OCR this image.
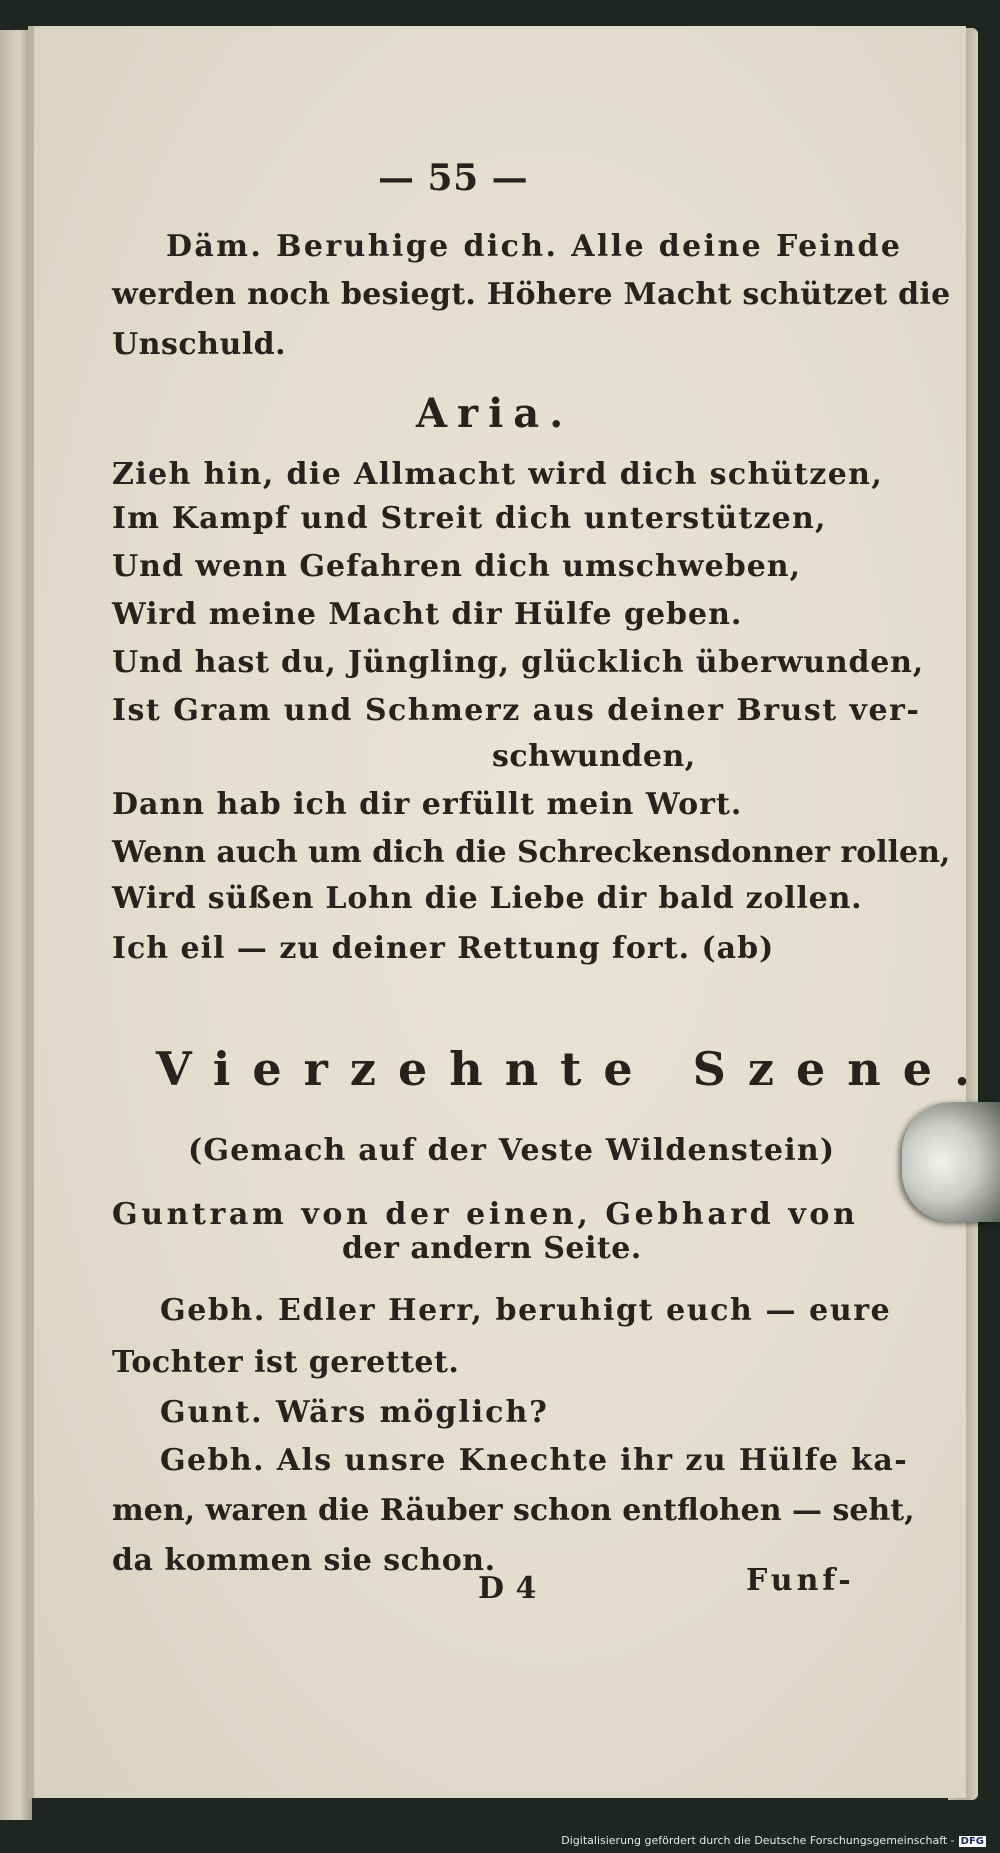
— 55 —
Däm. Beruhige dich. Alle deine Feinde
werden noch besiegt. Höhere Macht schützet die
Unschuld.
Aria.
Zieh hin, die Allmacht wird dich schützen,
Im Kampf und Streit dich unterstützen,
Und wenn Gefahren dich umschweben,
Wird meine Macht dir Hülfe geben.
Und hast du, Jüngling, glücklich überwunden,
Ist Gram und Schmerz aus deiner Brust ver-
schwunden,
Dann hab ich dir erfüllt mein Wort.
Wenn auch um dich die Schreckensdonner rollen,
Wird süßen Lohn die Liebe dir bald zollen.
Ich eil — zu deiner Rettung fort. (ab)
Vierzehnte Szene.
(Gemach auf der Veste Wildenstein)
Guntram von der einen, Gebhard von
der andern Seite.
Gebh. Edler Herr, beruhigt euch — eure
Tochter ist gerettet.
Gunt. Wärs möglich?
Gebh. Als unsre Knechte ihr zu Hülfe ka-
men, waren die Räuber schon entflohen — seht,
da kommen sie schon.
D 4	Funf-
Digitalisierung gefördert durch die Deutsche Forschungsgemeinschaft - DFG
